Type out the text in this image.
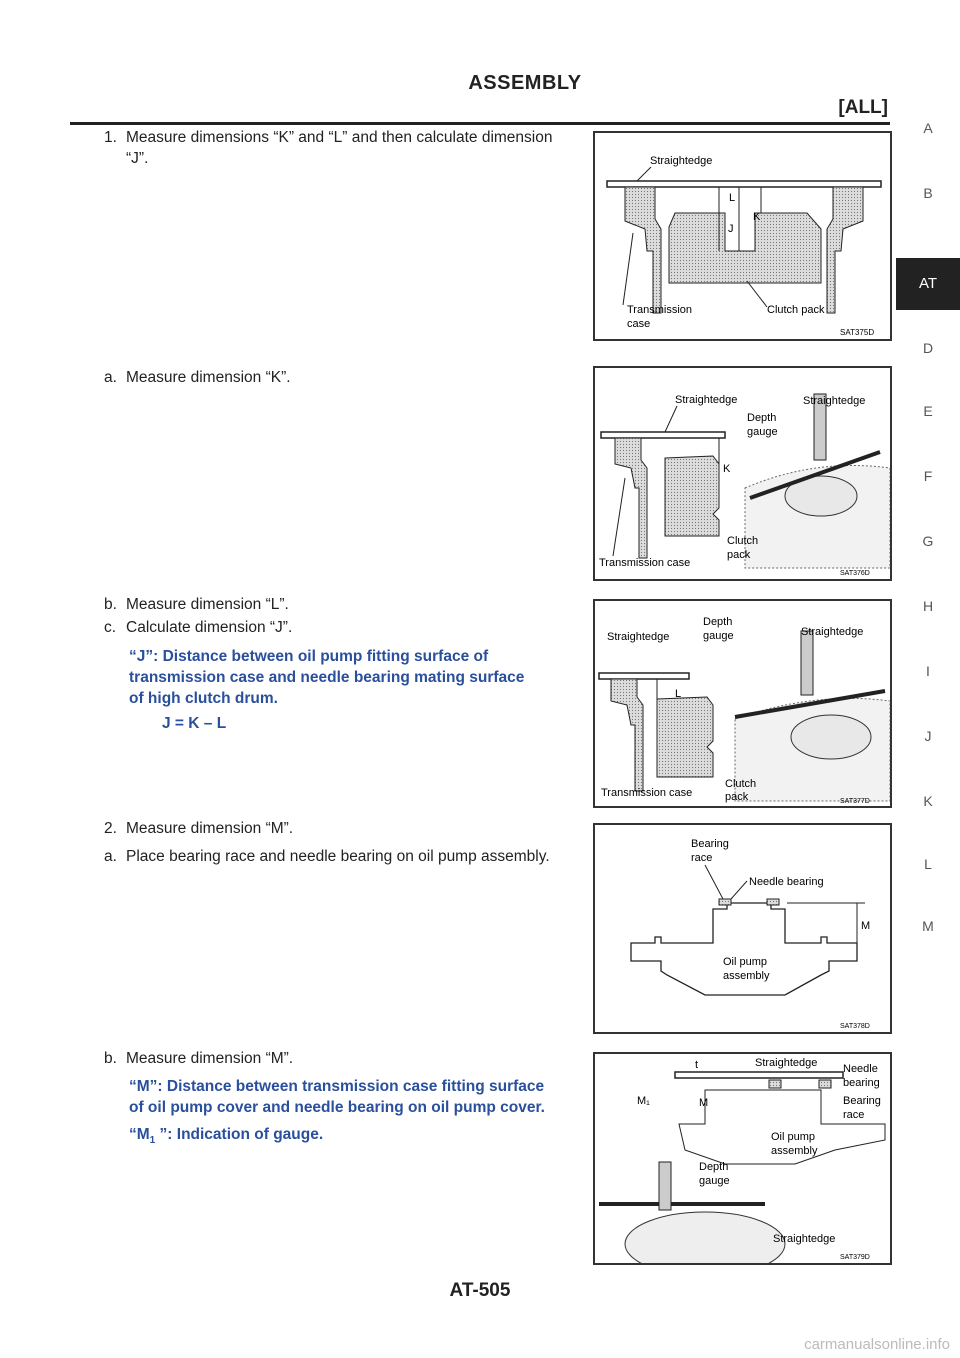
ASSEMBLY
[ALL]
A
B
AT
D
E
F
G
H
I
J
K
L
M
1. Measure dimensions “K” and “L” and then calculate dimension
“J”.
a. Measure dimension “K”.
b. Measure dimension “L”.
c. Calculate dimension “J”.
“J”: Distance between oil pump fitting surface of
transmission case and needle bearing mating surface
of high clutch drum.
J = K – L
2. Measure dimension “M”.
a. Place bearing race and needle bearing on oil pump assembly.
b. Measure dimension “M”.
“M”: Distance between transmission case fitting surface
of oil pump cover and needle bearing on oil pump cover.
“$M_1$ ”: Indication of gauge.
Straightedge
L
J
K
Transmission
case
Clutch pack
SAT375D
Straightedge	Straightedge
Depth
gauge
K
Clutch
pack
Transmission case
SAT376D
Straightedge	Straightedge
Depth
gauge
L
Clutch
pack
Transmission case
SAT377D
Bearing
race
Needle bearing
M
Oil pump
assembly
SAT378D
t	Straightedge Needle
bearing
M₁	M	Bearing
race
Oil pump
assembly
Depth
gauge
Straightedge
SAT379D
AT-505
carmanualsonline.info
